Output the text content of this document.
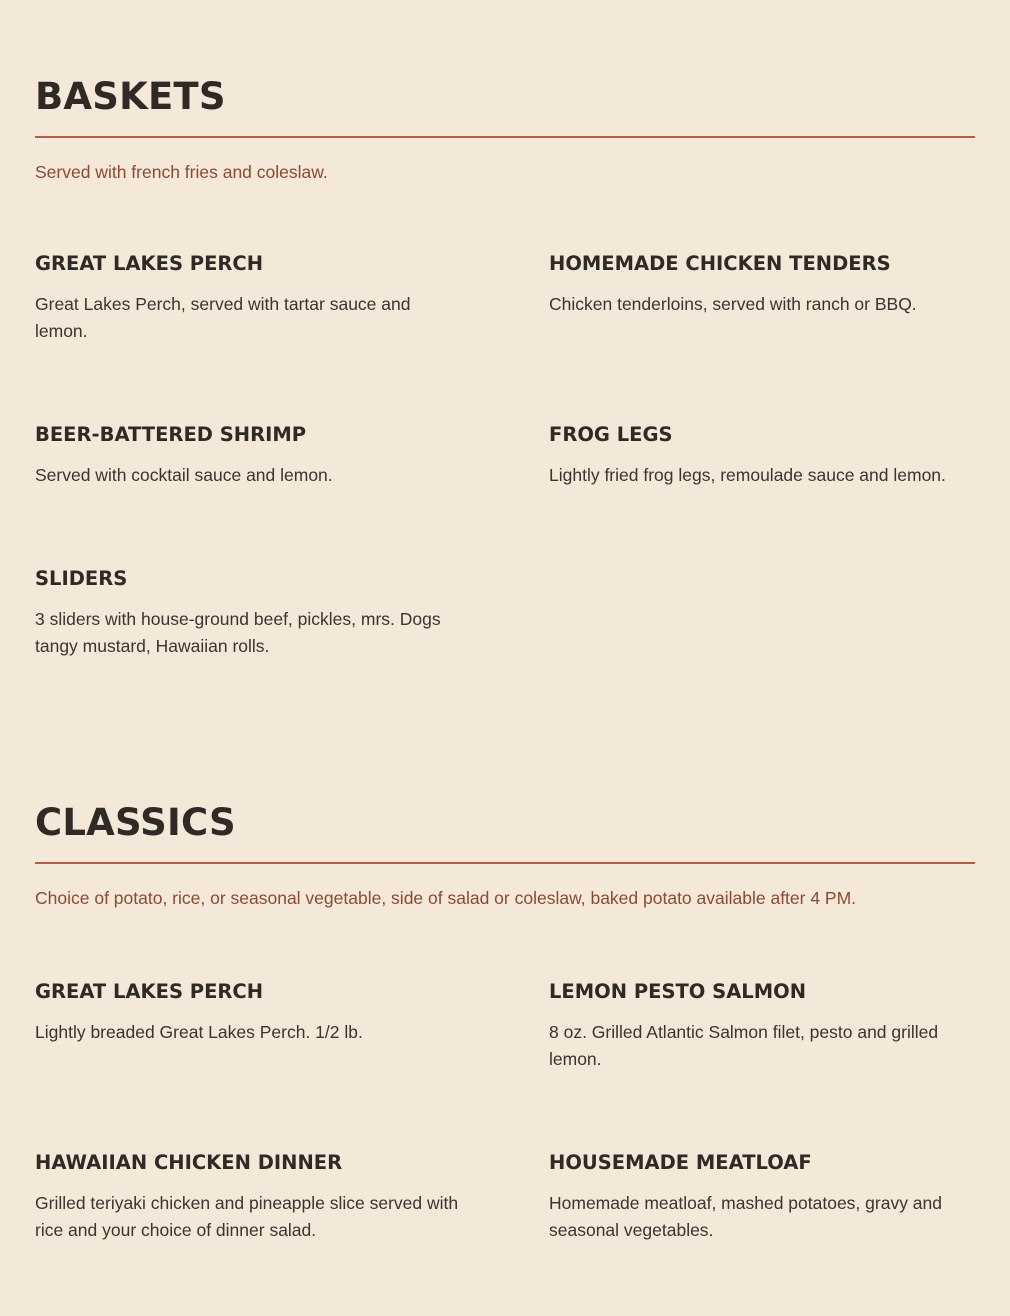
BASKETS
Served with french fries and coleslaw.
GREAT LAKES PERCH
Great Lakes Perch, served with tartar sauce and lemon.
HOMEMADE CHICKEN TENDERS
Chicken tenderloins, served with ranch or BBQ.
BEER-BATTERED SHRIMP
Served with cocktail sauce and lemon.
FROG LEGS
Lightly fried frog legs, remoulade sauce and lemon.
SLIDERS
3 sliders with house-ground beef, pickles, mrs. Dogs tangy mustard, Hawaiian rolls.
CLASSICS
Choice of potato, rice, or seasonal vegetable, side of salad or coleslaw, baked potato available after 4 PM.
GREAT LAKES PERCH
Lightly breaded Great Lakes Perch. 1/2 lb.
LEMON PESTO SALMON
8 oz. Grilled Atlantic Salmon filet, pesto and grilled lemon.
HAWAIIAN CHICKEN DINNER
Grilled teriyaki chicken and pineapple slice served with rice and your choice of dinner salad.
HOUSEMADE MEATLOAF
Homemade meatloaf, mashed potatoes, gravy and seasonal vegetables.
